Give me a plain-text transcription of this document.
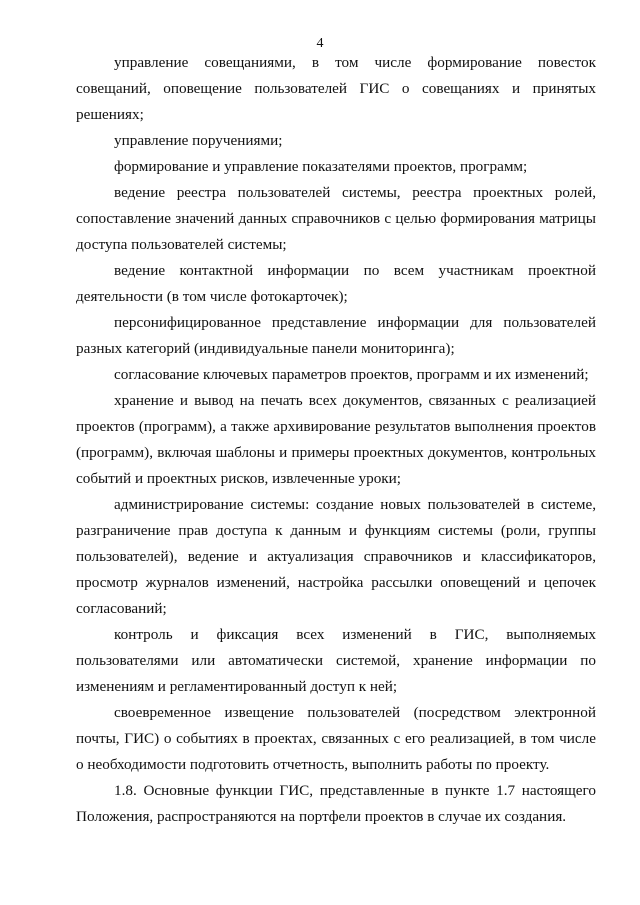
4

управление совещаниями, в том числе формирование повесток совещаний, оповещение пользователей ГИС о совещаниях и принятых решениях;

управление поручениями;

формирование и управление показателями проектов, программ;

ведение реестра пользователей системы, реестра проектных ролей, сопоставление значений данных справочников с целью формирования матрицы доступа пользователей системы;

ведение контактной информации по всем участникам проектной деятельности (в том числе фотокарточек);

персонифицированное представление информации для пользователей разных категорий (индивидуальные панели мониторинга);

согласование ключевых параметров проектов, программ и их изменений;

хранение и вывод на печать всех документов, связанных с реализацией проектов (программ), а также архивирование результатов выполнения проектов (программ), включая шаблоны и примеры проектных документов, контрольных событий и проектных рисков, извлеченные уроки;

администрирование системы: создание новых пользователей в системе, разграничение прав доступа к данным и функциям системы (роли, группы пользователей), ведение и актуализация справочников и классификаторов, просмотр журналов изменений, настройка рассылки оповещений и цепочек согласований;

контроль и фиксация всех изменений в ГИС, выполняемых пользователями или автоматически системой, хранение информации по изменениям и регламентированный доступ к ней;

своевременное извещение пользователей (посредством электронной почты, ГИС) о событиях в проектах, связанных с его реализацией, в том числе о необходимости подготовить отчетность, выполнить работы по проекту.

1.8. Основные функции ГИС, представленные в пункте 1.7 настоящего Положения, распространяются на портфели проектов в случае их создания.
